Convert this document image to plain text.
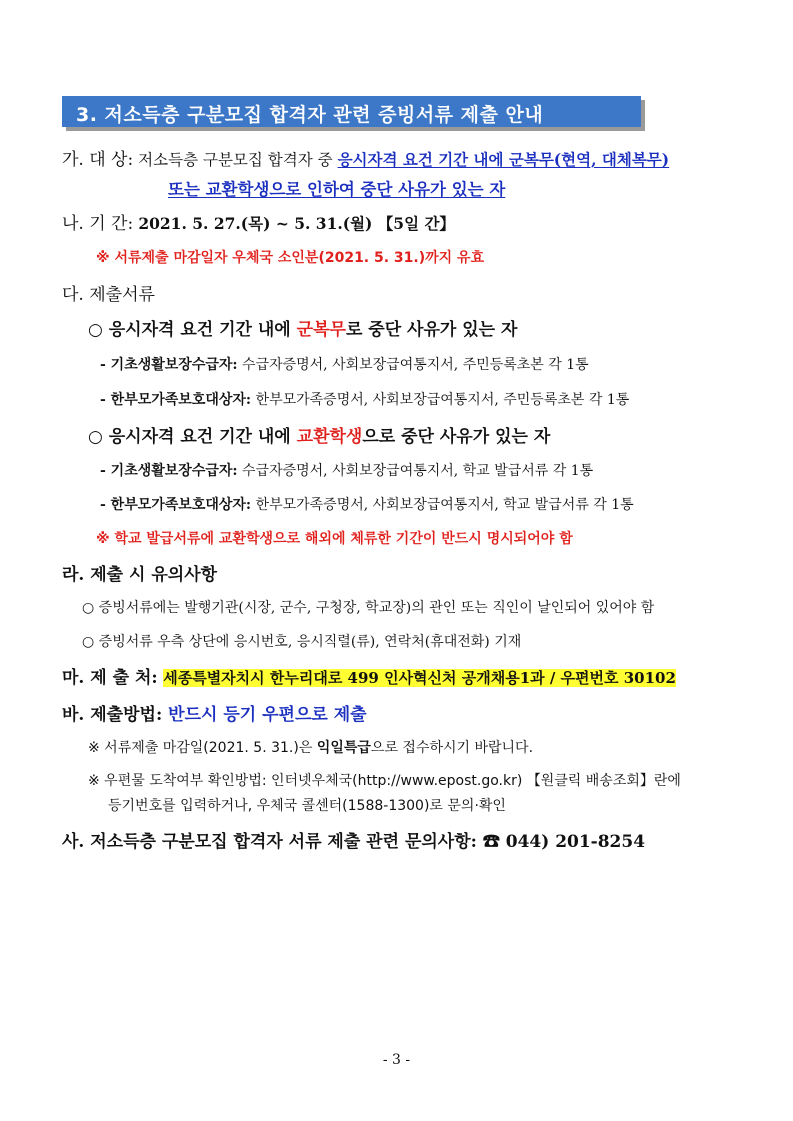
3. 저소득층 구분모집 합격자 관련 증빙서류 제출 안내
가. 대 상: 저소득층 구분모집 합격자 중 응시자격 요건 기간 내에 군복무(현역, 대체복무)
또는 교환학생으로 인하여 중단 사유가 있는 자
나. 기 간: 2021. 5. 27.(목) ~ 5. 31.(월) 【5일 간】
※ 서류제출 마감일자 우체국 소인분(2021. 5. 31.)까지 유효
다. 제출서류
○ 응시자격 요건 기간 내에 군복무로 중단 사유가 있는 자
- 기초생활보장수급자: 수급자증명서, 사회보장급여통지서, 주민등록초본 각 1통
- 한부모가족보호대상자: 한부모가족증명서, 사회보장급여통지서, 주민등록초본 각 1통
○ 응시자격 요건 기간 내에 교환학생으로 중단 사유가 있는 자
- 기초생활보장수급자: 수급자증명서, 사회보장급여통지서, 학교 발급서류 각 1통
- 한부모가족보호대상자: 한부모가족증명서, 사회보장급여통지서, 학교 발급서류 각 1통
※ 학교 발급서류에 교환학생으로 해외에 체류한 기간이 반드시 명시되어야 함
라. 제출 시 유의사항
○ 증빙서류에는 발행기관(시장, 군수, 구청장, 학교장)의 관인 또는 직인이 날인되어 있어야 함
○ 증빙서류 우측 상단에 응시번호, 응시직렬(류), 연락처(휴대전화) 기재
마. 제 출 처: 세종특별자치시 한누리대로 499 인사혁신처 공개채용1과 / 우편번호 30102
바. 제출방법: 반드시 등기 우편으로 제출
※ 서류제출 마감일(2021. 5. 31.)은 익일특급으로 접수하시기 바랍니다.
※ 우편물 도착여부 확인방법: 인터넷우체국(http://www.epost.go.kr) 【원클릭 배송조회】란에
등기번호를 입력하거나, 우체국 콜센터(1588-1300)로 문의·확인
사. 저소득층 구분모집 합격자 서류 제출 관련 문의사항: ☎ 044) 201-8254
- 3 -
